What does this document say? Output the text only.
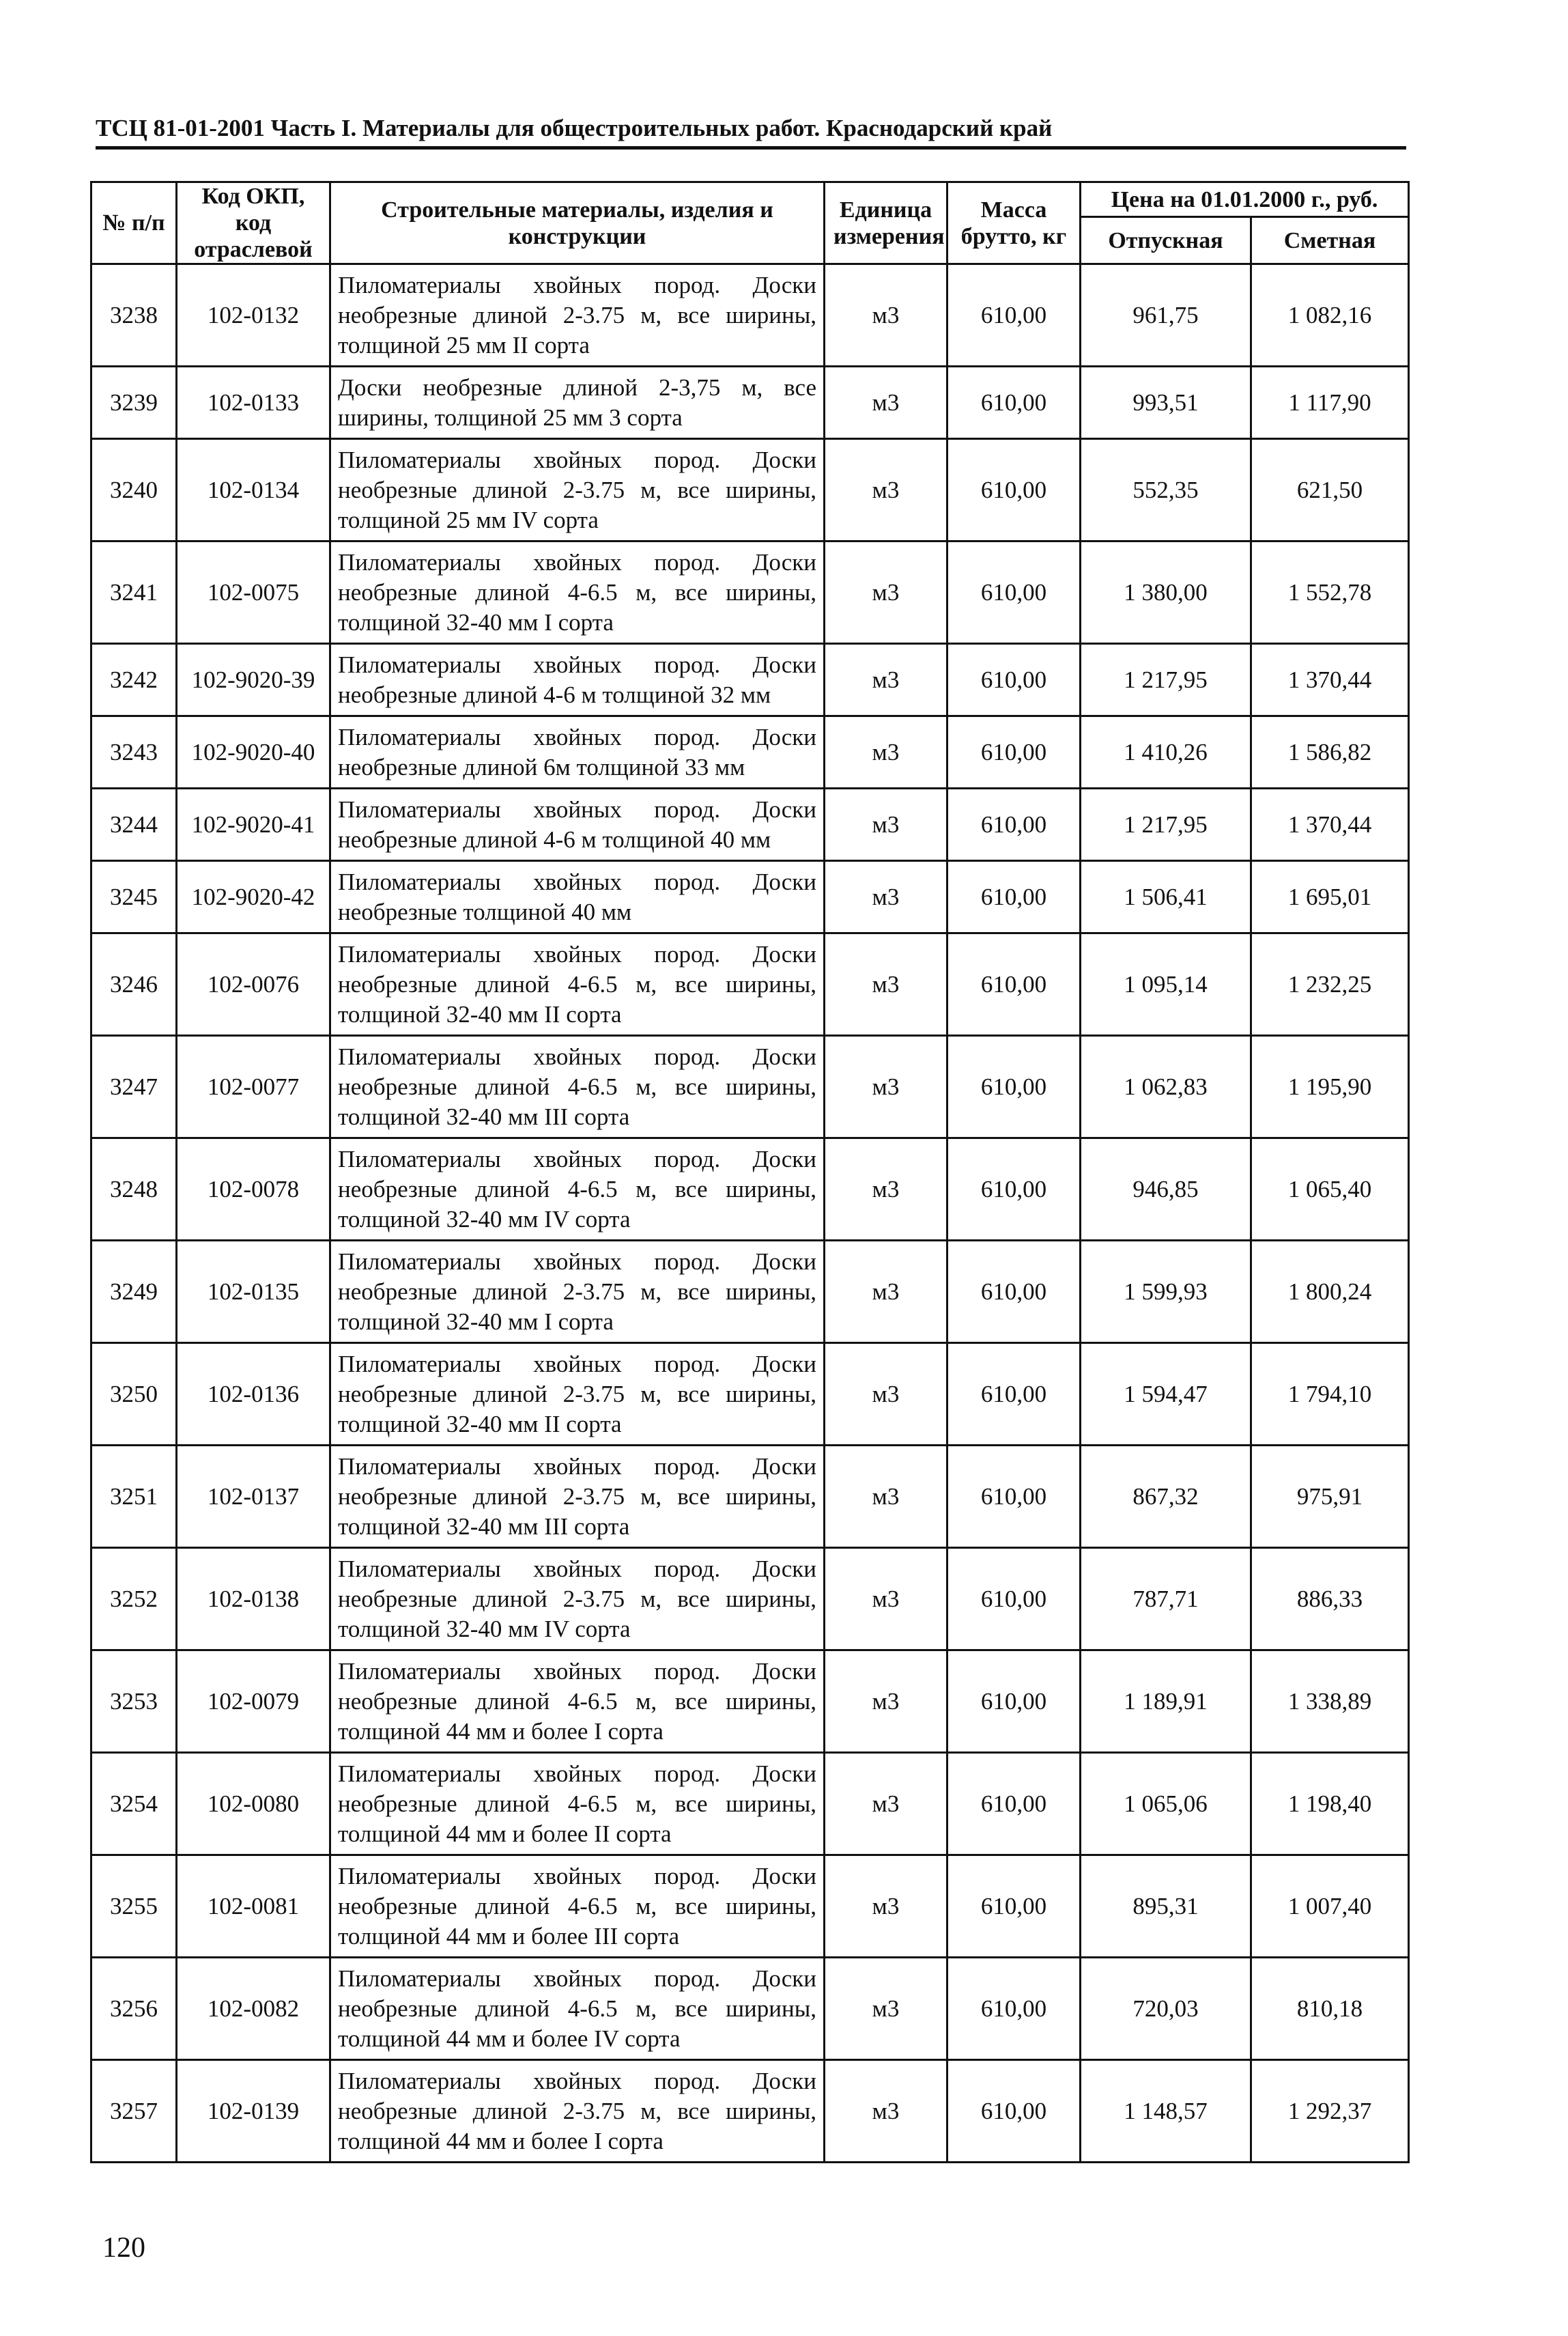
ТСЦ 81-01-2001 Часть I. Материалы для общестроительных работ. Краснодарский край
№ п/п	Код ОКП, код отраслевой	Строительные материалы, изделия и конструкции	Единица измерения	Масса брутто, кг	Цена на 01.01.2000 г., руб.	
					Отпускная	Сметная
3238	102-0132	Пиломатериалы хвойных пород. Доски необрезные длиной 2-3.75 м, все ширины, толщиной 25 мм II сорта	м3	610,00	961,75	1 082,16
3239	102-0133	Доски необрезные длиной 2-3,75 м, все ширины, толщиной 25 мм 3 сорта	м3	610,00	993,51	1 117,90
3240	102-0134	Пиломатериалы хвойных пород. Доски необрезные длиной 2-3.75 м, все ширины, толщиной 25 мм IV сорта	м3	610,00	552,35	621,50
3241	102-0075	Пиломатериалы хвойных пород. Доски необрезные длиной 4-6.5 м, все ширины, толщиной 32-40 мм I сорта	м3	610,00	1 380,00	1 552,78
3242	102-9020-39	Пиломатериалы хвойных пород. Доски необрезные длиной 4-6 м толщиной 32 мм	м3	610,00	1 217,95	1 370,44
3243	102-9020-40	Пиломатериалы хвойных пород. Доски необрезные длиной 6м толщиной 33 мм	м3	610,00	1 410,26	1 586,82
3244	102-9020-41	Пиломатериалы хвойных пород. Доски необрезные длиной 4-6 м толщиной 40 мм	м3	610,00	1 217,95	1 370,44
3245	102-9020-42	Пиломатериалы хвойных пород. Доски необрезные толщиной 40 мм	м3	610,00	1 506,41	1 695,01
3246	102-0076	Пиломатериалы хвойных пород. Доски необрезные длиной 4-6.5 м, все ширины, толщиной 32-40 мм II сорта	м3	610,00	1 095,14	1 232,25
3247	102-0077	Пиломатериалы хвойных пород. Доски необрезные длиной 4-6.5 м, все ширины, толщиной 32-40 мм III сорта	м3	610,00	1 062,83	1 195,90
3248	102-0078	Пиломатериалы хвойных пород. Доски необрезные длиной 4-6.5 м, все ширины, толщиной 32-40 мм IV сорта	м3	610,00	946,85	1 065,40
3249	102-0135	Пиломатериалы хвойных пород. Доски необрезные длиной 2-3.75 м, все ширины, толщиной 32-40 мм I сорта	м3	610,00	1 599,93	1 800,24
3250	102-0136	Пиломатериалы хвойных пород. Доски необрезные длиной 2-3.75 м, все ширины, толщиной 32-40 мм II сорта	м3	610,00	1 594,47	1 794,10
3251	102-0137	Пиломатериалы хвойных пород. Доски необрезные длиной 2-3.75 м, все ширины, толщиной 32-40 мм III сорта	м3	610,00	867,32	975,91
3252	102-0138	Пиломатериалы хвойных пород. Доски необрезные длиной 2-3.75 м, все ширины, толщиной 32-40 мм IV сорта	м3	610,00	787,71	886,33
3253	102-0079	Пиломатериалы хвойных пород. Доски необрезные длиной 4-6.5 м, все ширины, толщиной 44 мм и более I сорта	м3	610,00	1 189,91	1 338,89
3254	102-0080	Пиломатериалы хвойных пород. Доски необрезные длиной 4-6.5 м, все ширины, толщиной 44 мм и более II сорта	м3	610,00	1 065,06	1 198,40
3255	102-0081	Пиломатериалы хвойных пород. Доски необрезные длиной 4-6.5 м, все ширины, толщиной 44 мм и более III сорта	м3	610,00	895,31	1 007,40
3256	102-0082	Пиломатериалы хвойных пород. Доски необрезные длиной 4-6.5 м, все ширины, толщиной 44 мм и более IV сорта	м3	610,00	720,03	810,18
3257	102-0139	Пиломатериалы хвойных пород. Доски необрезные длиной 2-3.75 м, все ширины, толщиной 44 мм и более I сорта	м3	610,00	1 148,57	1 292,37
120
